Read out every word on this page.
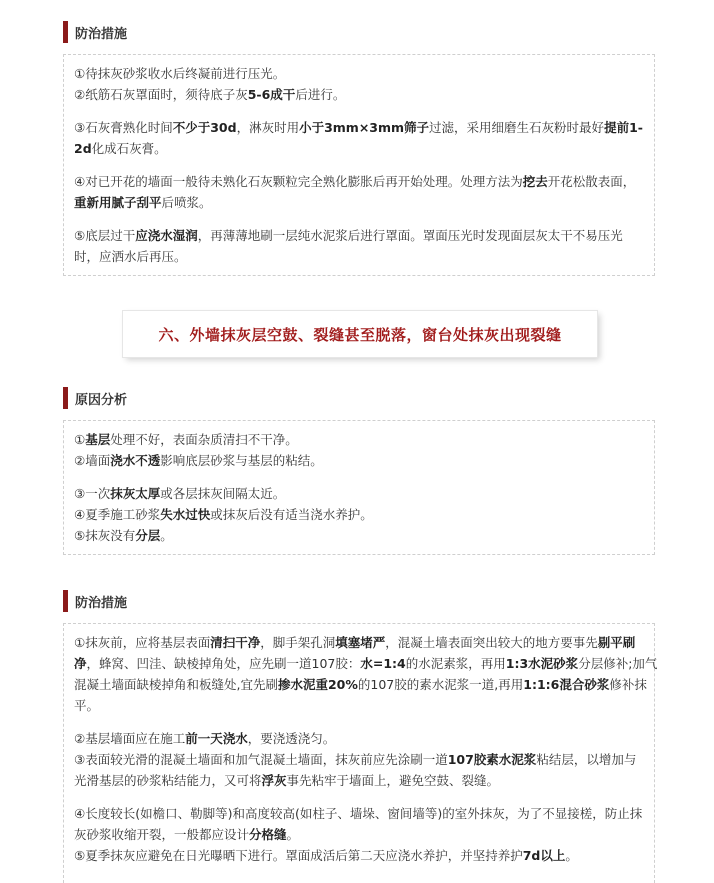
防治措施
①待抹灰砂浆收水后终凝前进行压光。
②纸筋石灰罩面时，须待底子灰5-6成干后进行。
③石灰膏熟化时间不少于30d，淋灰时用小于3mm×3mm筛子过滤，采用细磨生石灰粉时最好提前1-
2d化成石灰膏。
④对已开花的墙面一般待未熟化石灰颗粒完全熟化膨胀后再开始处理。处理方法为挖去开花松散表面，
重新用腻子刮平后喷浆。
⑤底层过干应浇水湿润，再薄薄地刷一层纯水泥浆后进行罩面。罩面压光时发现面层灰太干不易压光
时，应洒水后再压。
六、外墙抹灰层空鼓、裂缝甚至脱落，窗台处抹灰出现裂缝
原因分析
①基层处理不好，表面杂质清扫不干净。
②墙面浇水不透影响底层砂浆与基层的粘结。
③一次抹灰太厚或各层抹灰间隔太近。
④夏季施工砂浆失水过快或抹灰后没有适当浇水养护。
⑤抹灰没有分层。
防治措施
①抹灰前，应将基层表面清扫干净，脚手架孔洞填塞堵严，混凝土墙表面突出较大的地方要事先剔平刷
净，蜂窝、凹洼、缺棱掉角处，应先刷一道107胶：水=1:4的水泥素浆，再用1:3水泥砂浆分层修补;加气
混凝土墙面缺棱掉角和板缝处,宜先刷掺水泥重20%的107胶的素水泥浆一道,再用1:1:6混合砂浆修补抹
平。
②基层墙面应在施工前一天浇水，要浇透浇匀。
③表面较光滑的混凝土墙面和加气混凝土墙面，抹灰前应先涂刷一道107胶素水泥浆粘结层，以增加与
光滑基层的砂浆粘结能力，又可将浮灰事先粘牢于墙面上，避免空鼓、裂缝。
④长度较长(如檐口、勒脚等)和高度较高(如柱子、墙垛、窗间墙等)的室外抹灰，为了不显接槎，防止抹
灰砂浆收缩开裂，一般都应设计分格缝。
⑤夏季抹灰应避免在日光曝晒下进行。罩面成活后第二天应浇水养护，并坚持养护7d以上。
